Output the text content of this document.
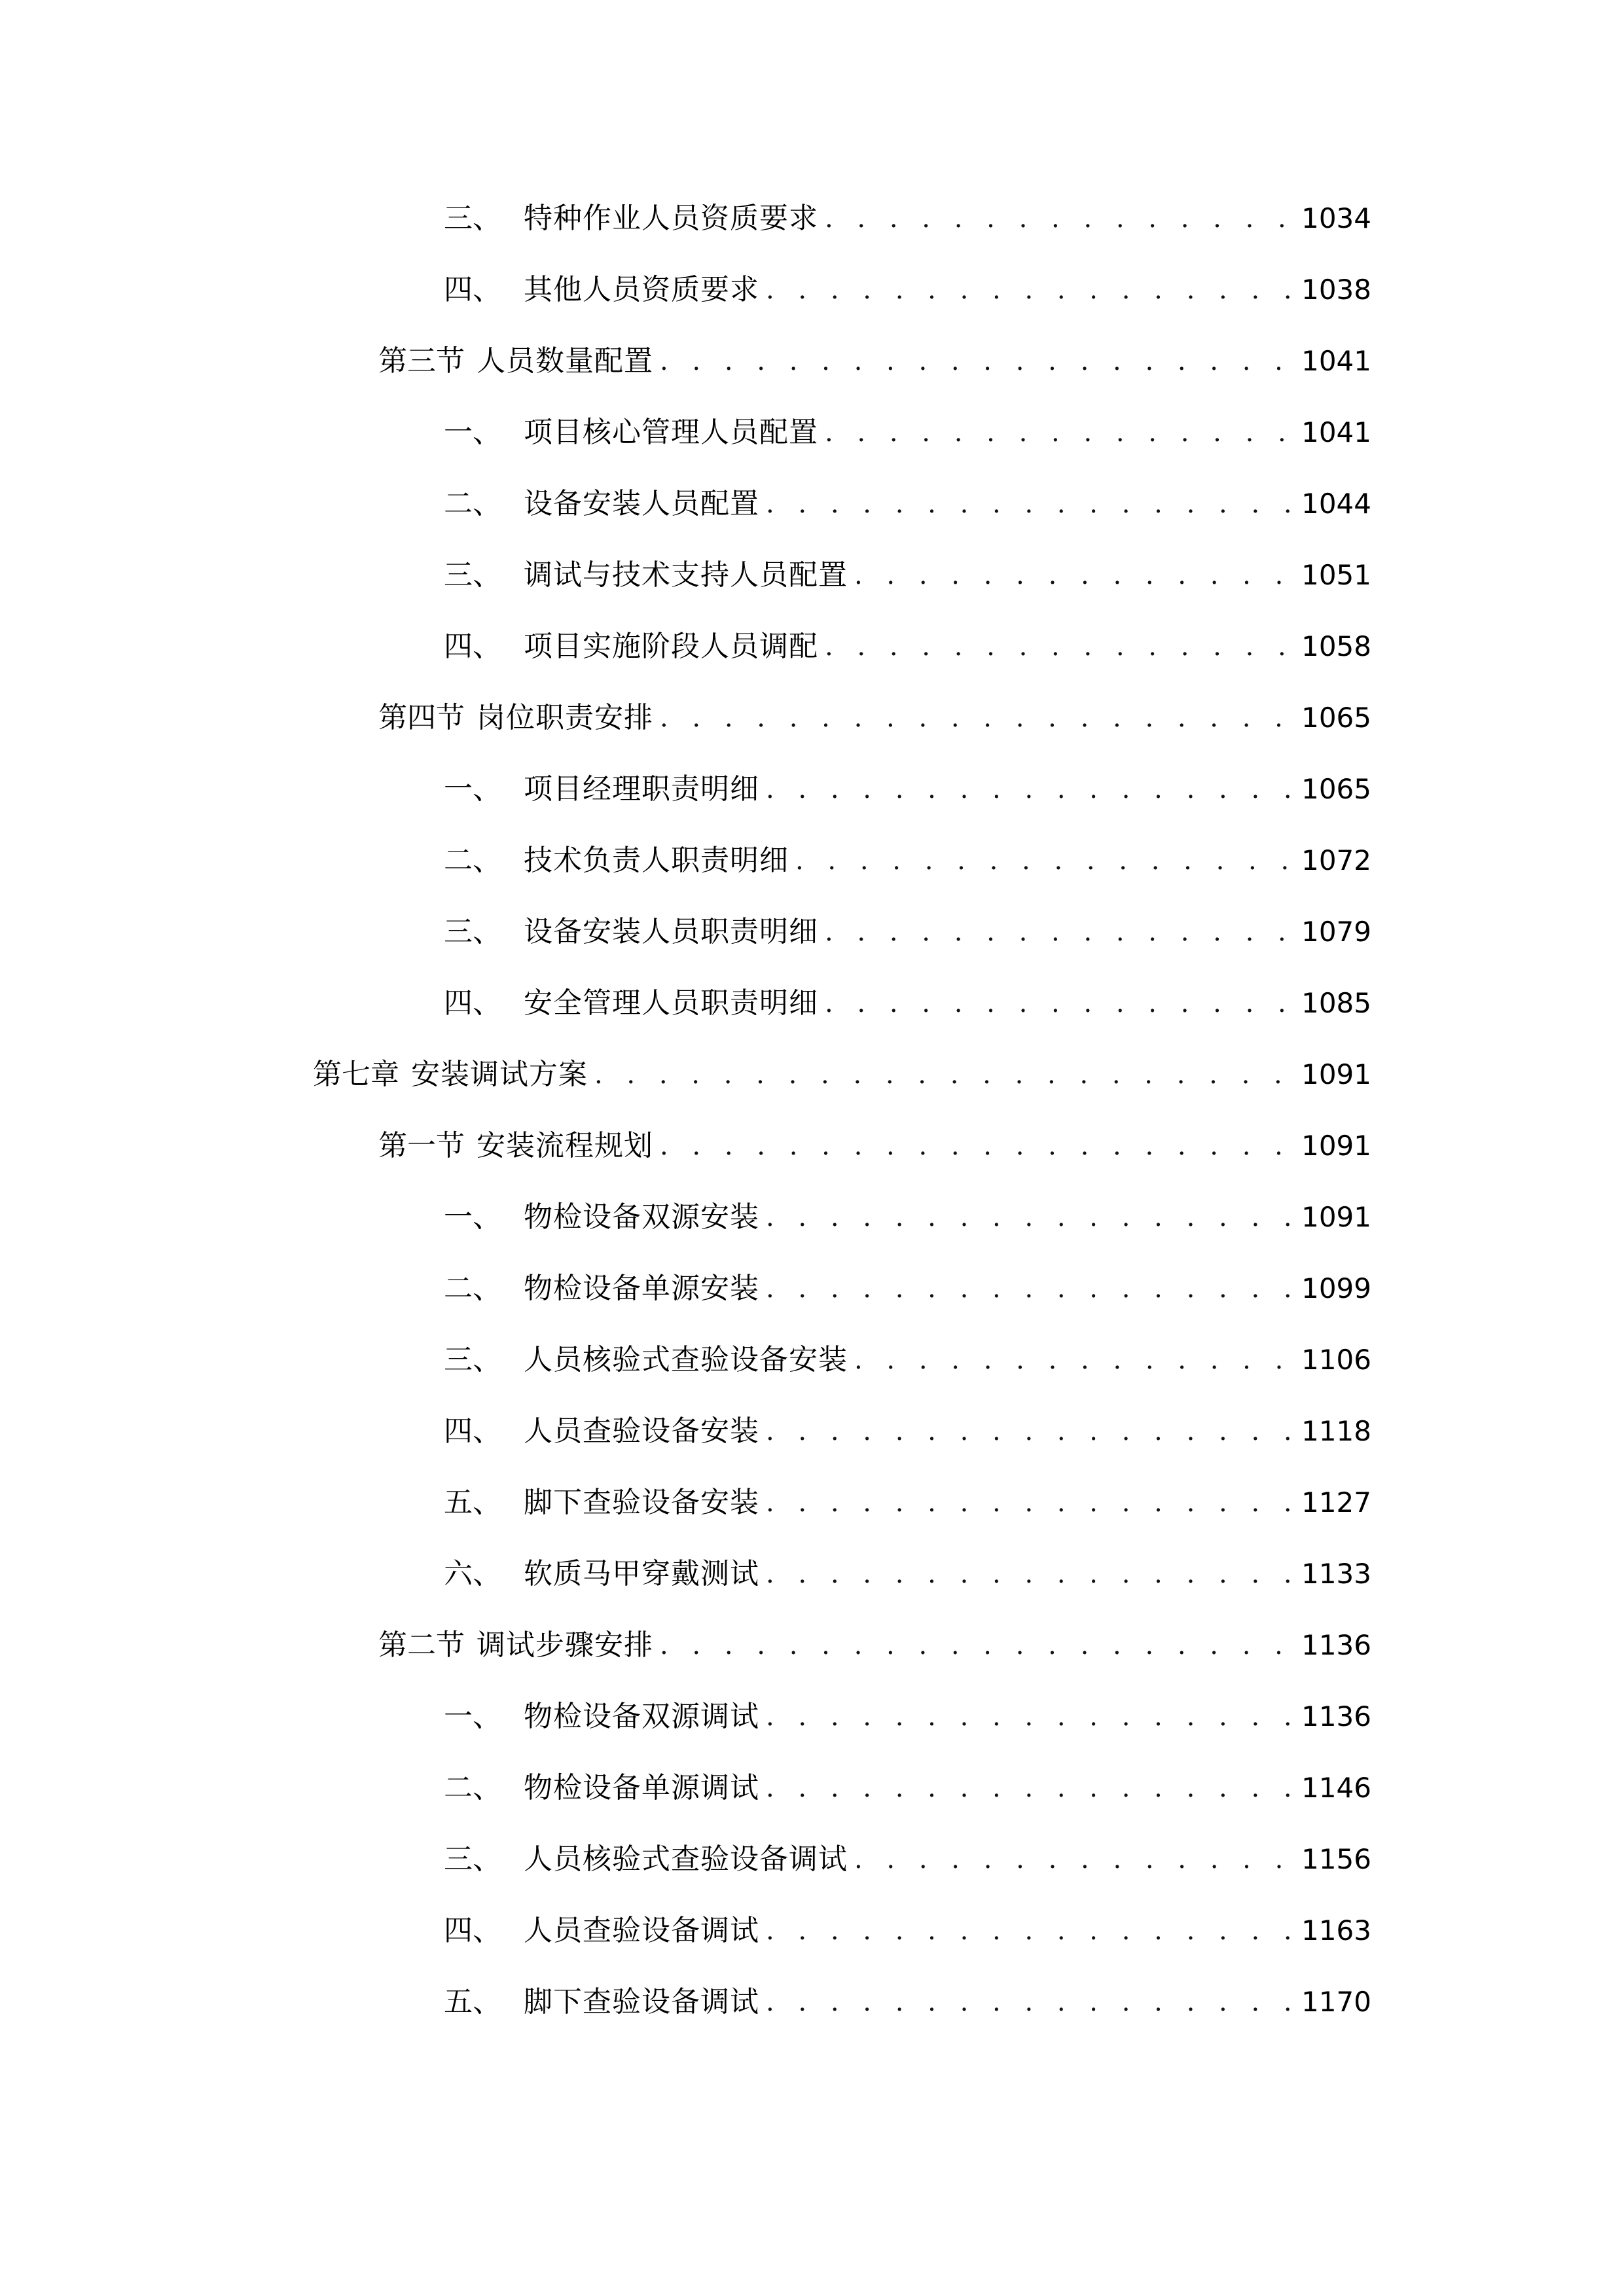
三、 特种作业人员资质要求 . . .	1034
四、 其他人员资质要求 . . .	1038
第三节 人员数量配置 . . .	1041
一、 项目核心管理人员配置 . . .	1041
二、 设备安装人员配置 . . .	1044
三、 调试与技术支持人员配置 . . .	1051
四、 项目实施阶段人员调配 . . .	1058
第四节 岗位职责安排 . . .	1065
一、 项目经理职责明细 . . .	1065
二、 技术负责人职责明细 . . .	1072
三、 设备安装人员职责明细 . . .	1079
四、 安全管理人员职责明细 . . .	1085
第七章 安装调试方案 . . .	1091
第一节 安装流程规划 . . .	1091
一、 物检设备双源安装 . . .	1091
二、 物检设备单源安装 . . .	1099
三、 人员核验式查验设备安装 . . .	1106
四、 人员查验设备安装 . . .	1118
五、 脚下查验设备安装 . . .	1127
六、 软质马甲穿戴测试 . . .	1133
第二节 调试步骤安排 . . .	1136
一、 物检设备双源调试 . . .	1136
二、 物检设备单源调试 . . .	1146
三、 人员核验式查验设备调试 . . .	1156
四、 人员查验设备调试 . . .	1163
五、 脚下查验设备调试 . . .	1170
